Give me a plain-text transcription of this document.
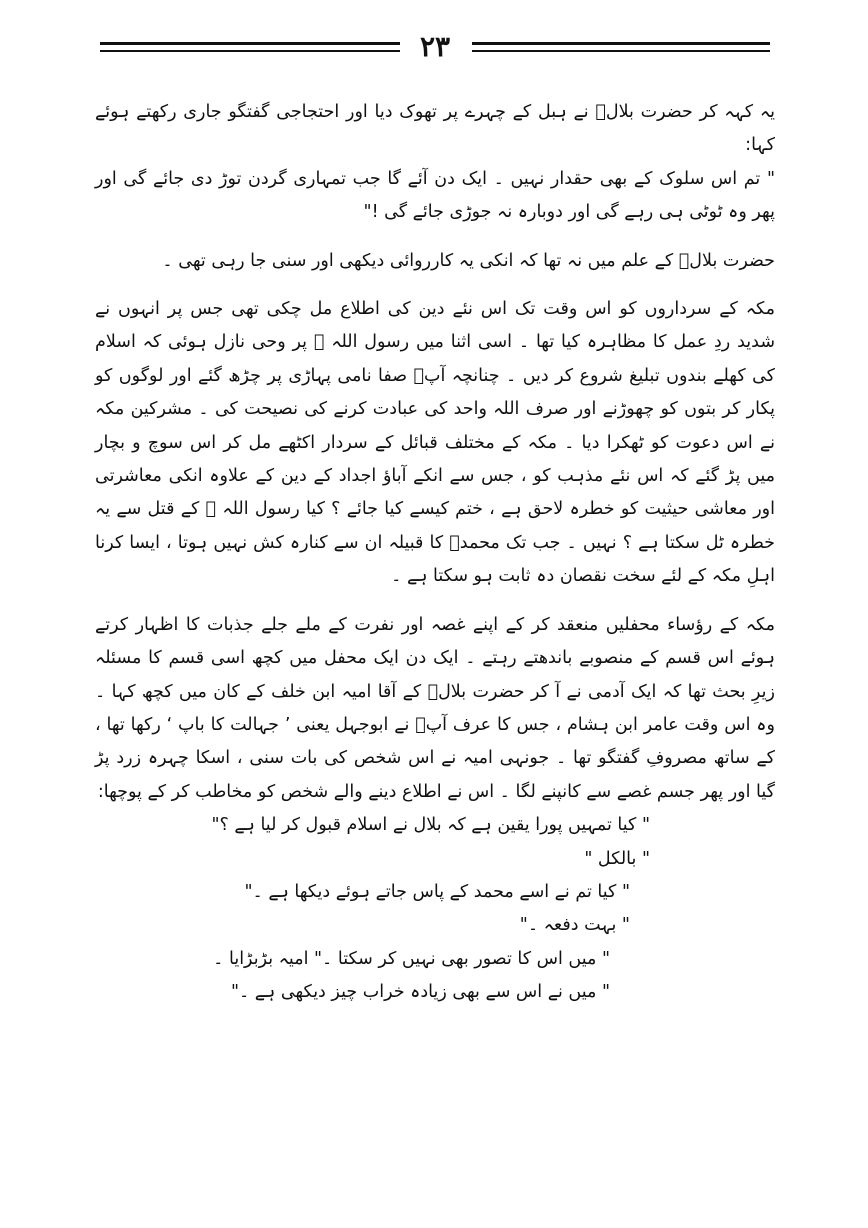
۲۳

یہ کہہ کر حضرت بلالؓ نے ہبل کے چہرے پر تھوک دیا اور احتجاجی گفتگو جاری رکھتے ہوئے کہا:

" تم اس سلوک کے بھی حقدار نہیں ۔ ایک دن آئے گا جب تمہاری گردن توڑ دی جائے گی اور پھر وہ ٹوٹی ہی رہے گی اور دوبارہ نہ جوڑی جائے گی !"

حضرت بلالؓ کے علم میں نہ تھا کہ انکی یہ کارروائی دیکھی اور سنی جا رہی تھی ۔

مکہ کے سرداروں کو اس وقت تک اس نئے دین کی اطلاع مل چکی تھی جس پر انہوں نے شدید ردِ عمل کا مظاہرہ کیا تھا ۔ اسی اثنا میں رسول اللہ ؐ پر وحی نازل ہوئی کہ اسلام کی کھلے بندوں تبلیغ شروع کر دیں ۔ چنانچہ آپؐ صفا نامی پہاڑی پر چڑھ گئے اور لوگوں کو پکار کر بتوں کو چھوڑنے اور صرف اللہ واحد کی عبادت کرنے کی نصیحت کی ۔ مشرکین مکہ نے اس دعوت کو ٹھکرا دیا ۔ مکہ کے مختلف قبائل کے سردار اکٹھے مل کر اس سوچ و بچار میں پڑ گئے کہ اس نئے مذہب کو ، جس سے انکے آباؤ اجداد کے دین کے علاوہ انکی معاشرتی اور معاشی حیثیت کو خطرہ لاحق ہے ، ختم کیسے کیا جائے ؟ کیا رسول اللہ ؐ کے قتل سے یہ خطرہ ٹل سکتا ہے ؟ نہیں ۔ جب تک محمدؐ کا قبیلہ ان سے کنارہ کش نہیں ہوتا ، ایسا کرنا اہلِ مکہ کے لئے سخت نقصان دہ ثابت ہو سکتا ہے ۔

مکہ کے رؤساء محفلیں منعقد کر کے اپنے غصہ اور نفرت کے ملے جلے جذبات کا اظہار کرتے ہوئے اس قسم کے منصوبے باندھتے رہتے ۔ ایک دن ایک محفل میں کچھ اسی قسم کا مسئلہ زیرِ بحث تھا کہ ایک آدمی نے آ کر حضرت بلالؓ کے آقا امیہ ابن خلف کے کان میں کچھ کہا ۔ وہ اس وقت عامر ابن ہشام ، جس کا عرف آپؐ نے ابوجہل یعنی ’ جہالت کا باپ ‘ رکھا تھا ، کے ساتھ مصروفِ گفتگو تھا ۔ جونہی امیہ نے اس شخص کی بات سنی ، اسکا چہرہ زرد پڑ گیا اور پھر جسم غصے سے کانپنے لگا ۔ اس نے اطلاع دینے والے شخص کو مخاطب کر کے پوچھا:

" کیا تمہیں پورا یقین ہے کہ بلال نے اسلام قبول کر لیا ہے ؟"

" بالکل "

" کیا تم نے اسے محمد کے پاس جاتے ہوئے دیکھا ہے ۔"

" بہت دفعہ ۔"

" میں اس کا تصور بھی نہیں کر سکتا ۔" امیہ بڑبڑایا ۔

" میں نے اس سے بھی زیادہ خراب چیز دیکھی ہے ۔"
